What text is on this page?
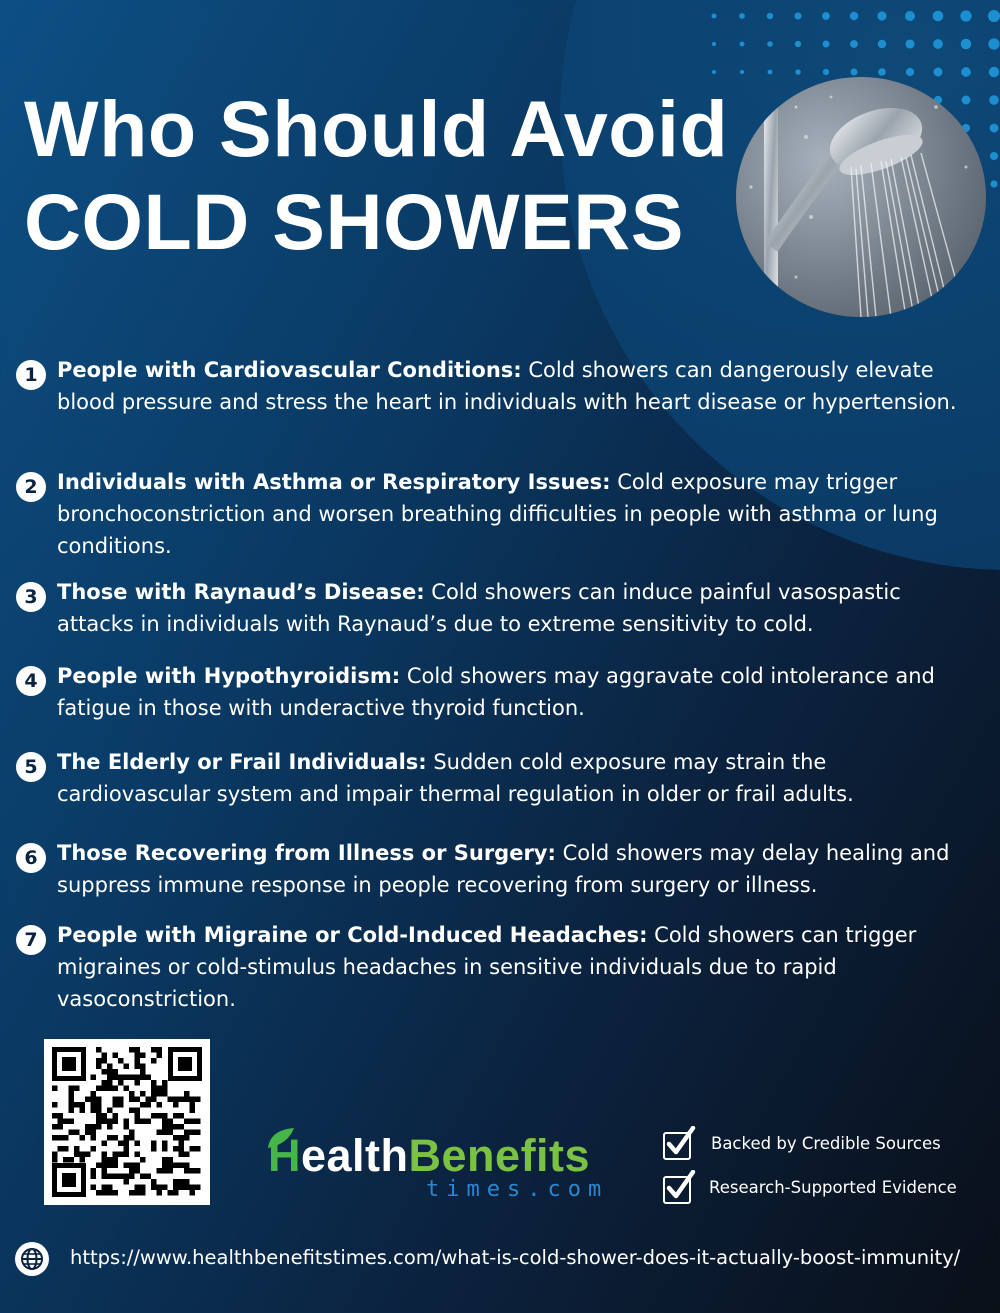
Who Should Avoid
COLD SHOWERS
1 People with Cardiovascular Conditions: Cold showers can dangerously elevate blood pressure and stress the heart in individuals with heart disease or hypertension.
2 Individuals with Asthma or Respiratory Issues: Cold exposure may trigger bronchoconstriction and worsen breathing difficulties in people with asthma or lung conditions.
3 Those with Raynaud’s Disease: Cold showers can induce painful vasospastic attacks in individuals with Raynaud’s due to extreme sensitivity to cold.
4 People with Hypothyroidism: Cold showers may aggravate cold intolerance and fatigue in those with underactive thyroid function.
5 The Elderly or Frail Individuals: Sudden cold exposure may strain the cardiovascular system and impair thermal regulation in older or frail adults.
6 Those Recovering from Illness or Surgery: Cold showers may delay healing and suppress immune response in people recovering from surgery or illness.
7 People with Migraine or Cold-Induced Headaches: Cold showers can trigger migraines or cold-stimulus headaches in sensitive individuals due to rapid vasoconstriction.
HealthBenefits
times.com
Backed by Credible Sources
Research-Supported Evidence
https://www.healthbenefitstimes.com/what-is-cold-shower-does-it-actually-boost-immunity/
